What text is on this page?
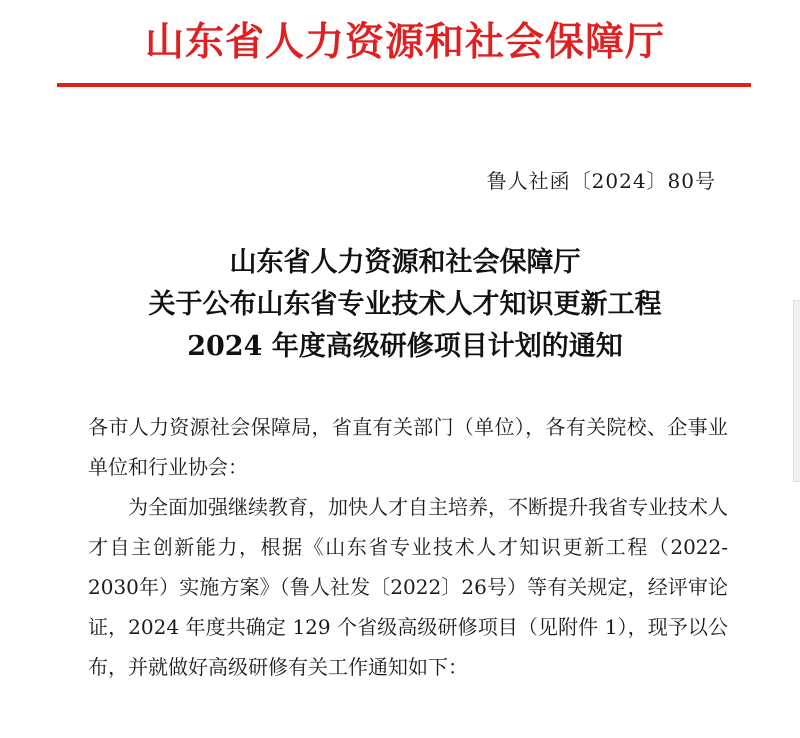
山东省人力资源和社会保障厅
鲁人社函〔2024〕80号
山东省人力资源和社会保障厅
关于公布山东省专业技术人才知识更新工程
2024 年度高级研修项目计划的通知

各市人力资源社会保障局，省直有关部门（单位），各有关院校、企事业单位和行业协会：

为全面加强继续教育，加快人才自主培养，不断提升我省专业技术人才自主创新能力，根据《山东省专业技术人才知识更新工程（2022-2030年）实施方案》（鲁人社发〔2022〕26号）等有关规定，经评审论证，2024 年度共确定 129 个省级高级研修项目（见附件 1），现予以公布，并就做好高级研修有关工作通知如下：
